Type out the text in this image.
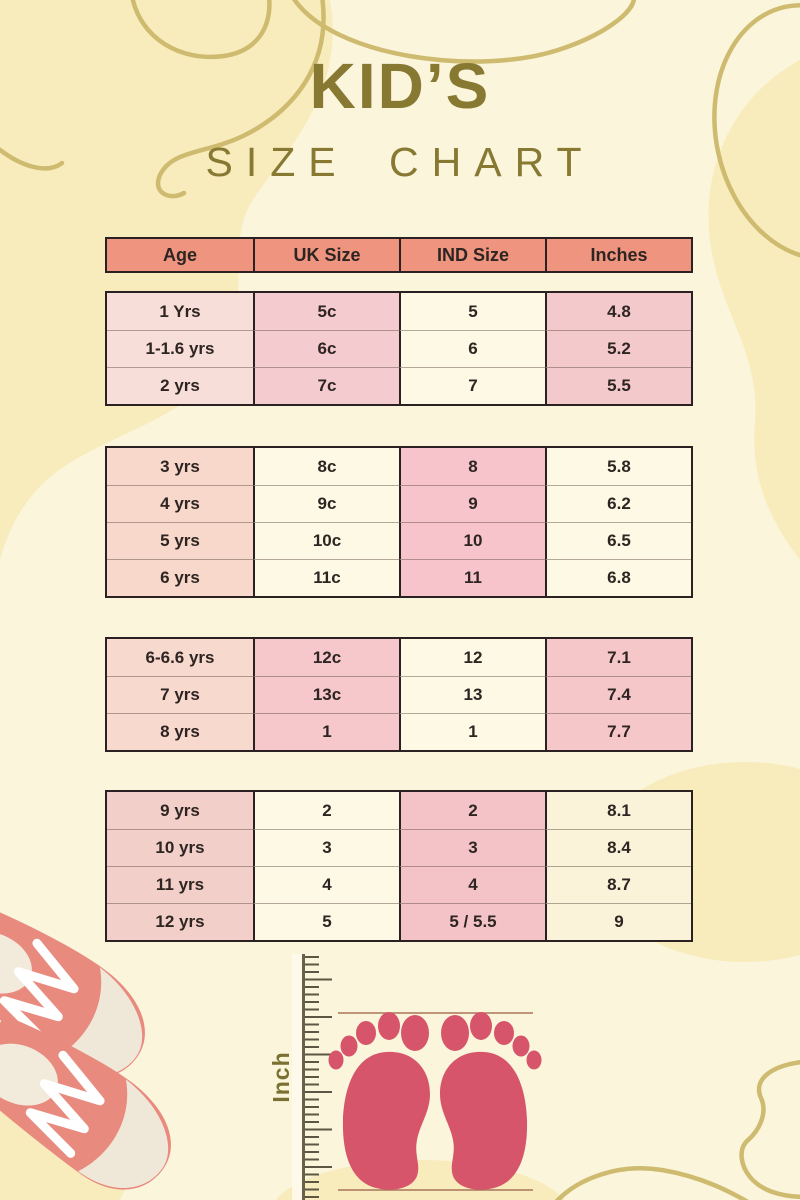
Inch
KID’S
SIZE CHART
Age	UK Size	IND Size	Inches
1 Yrs	5c	5	4.8
1-1.6 yrs	6c	6	5.2
2 yrs	7c	7	5.5
3 yrs	8c	8	5.8
4 yrs	9c	9	6.2
5 yrs	10c	10	6.5
6 yrs	11c	11	6.8
6-6.6 yrs	12c	12	7.1
7 yrs	13c	13	7.4
8 yrs	1	1	7.7
9 yrs	2	2	8.1
10 yrs	3	3	8.4
11 yrs	4	4	8.7
12 yrs	5	5 / 5.5	9
